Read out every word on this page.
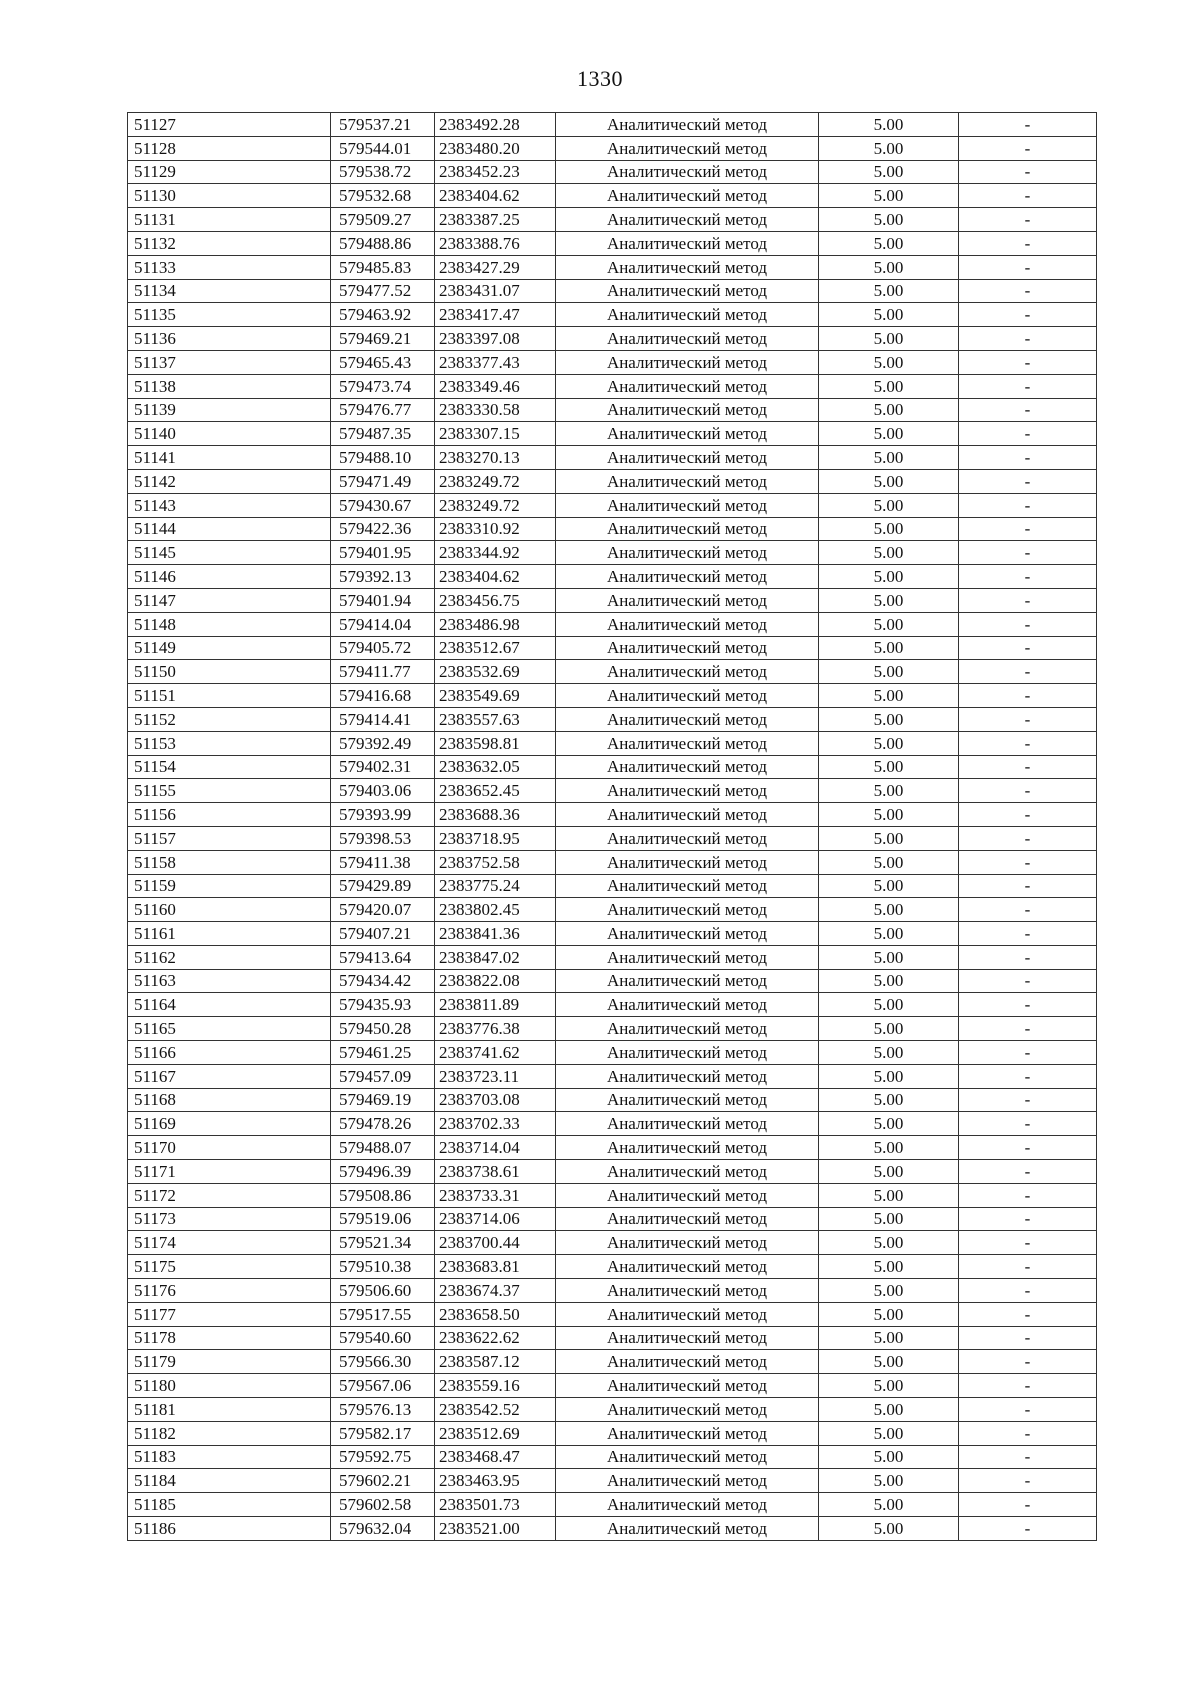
1330
51127	579537.21	2383492.28	Аналитический метод	5.00	-
51128	579544.01	2383480.20	Аналитический метод	5.00	-
51129	579538.72	2383452.23	Аналитический метод	5.00	-
51130	579532.68	2383404.62	Аналитический метод	5.00	-
51131	579509.27	2383387.25	Аналитический метод	5.00	-
51132	579488.86	2383388.76	Аналитический метод	5.00	-
51133	579485.83	2383427.29	Аналитический метод	5.00	-
51134	579477.52	2383431.07	Аналитический метод	5.00	-
51135	579463.92	2383417.47	Аналитический метод	5.00	-
51136	579469.21	2383397.08	Аналитический метод	5.00	-
51137	579465.43	2383377.43	Аналитический метод	5.00	-
51138	579473.74	2383349.46	Аналитический метод	5.00	-
51139	579476.77	2383330.58	Аналитический метод	5.00	-
51140	579487.35	2383307.15	Аналитический метод	5.00	-
51141	579488.10	2383270.13	Аналитический метод	5.00	-
51142	579471.49	2383249.72	Аналитический метод	5.00	-
51143	579430.67	2383249.72	Аналитический метод	5.00	-
51144	579422.36	2383310.92	Аналитический метод	5.00	-
51145	579401.95	2383344.92	Аналитический метод	5.00	-
51146	579392.13	2383404.62	Аналитический метод	5.00	-
51147	579401.94	2383456.75	Аналитический метод	5.00	-
51148	579414.04	2383486.98	Аналитический метод	5.00	-
51149	579405.72	2383512.67	Аналитический метод	5.00	-
51150	579411.77	2383532.69	Аналитический метод	5.00	-
51151	579416.68	2383549.69	Аналитический метод	5.00	-
51152	579414.41	2383557.63	Аналитический метод	5.00	-
51153	579392.49	2383598.81	Аналитический метод	5.00	-
51154	579402.31	2383632.05	Аналитический метод	5.00	-
51155	579403.06	2383652.45	Аналитический метод	5.00	-
51156	579393.99	2383688.36	Аналитический метод	5.00	-
51157	579398.53	2383718.95	Аналитический метод	5.00	-
51158	579411.38	2383752.58	Аналитический метод	5.00	-
51159	579429.89	2383775.24	Аналитический метод	5.00	-
51160	579420.07	2383802.45	Аналитический метод	5.00	-
51161	579407.21	2383841.36	Аналитический метод	5.00	-
51162	579413.64	2383847.02	Аналитический метод	5.00	-
51163	579434.42	2383822.08	Аналитический метод	5.00	-
51164	579435.93	2383811.89	Аналитический метод	5.00	-
51165	579450.28	2383776.38	Аналитический метод	5.00	-
51166	579461.25	2383741.62	Аналитический метод	5.00	-
51167	579457.09	2383723.11	Аналитический метод	5.00	-
51168	579469.19	2383703.08	Аналитический метод	5.00	-
51169	579478.26	2383702.33	Аналитический метод	5.00	-
51170	579488.07	2383714.04	Аналитический метод	5.00	-
51171	579496.39	2383738.61	Аналитический метод	5.00	-
51172	579508.86	2383733.31	Аналитический метод	5.00	-
51173	579519.06	2383714.06	Аналитический метод	5.00	-
51174	579521.34	2383700.44	Аналитический метод	5.00	-
51175	579510.38	2383683.81	Аналитический метод	5.00	-
51176	579506.60	2383674.37	Аналитический метод	5.00	-
51177	579517.55	2383658.50	Аналитический метод	5.00	-
51178	579540.60	2383622.62	Аналитический метод	5.00	-
51179	579566.30	2383587.12	Аналитический метод	5.00	-
51180	579567.06	2383559.16	Аналитический метод	5.00	-
51181	579576.13	2383542.52	Аналитический метод	5.00	-
51182	579582.17	2383512.69	Аналитический метод	5.00	-
51183	579592.75	2383468.47	Аналитический метод	5.00	-
51184	579602.21	2383463.95	Аналитический метод	5.00	-
51185	579602.58	2383501.73	Аналитический метод	5.00	-
51186	579632.04	2383521.00	Аналитический метод	5.00	-
